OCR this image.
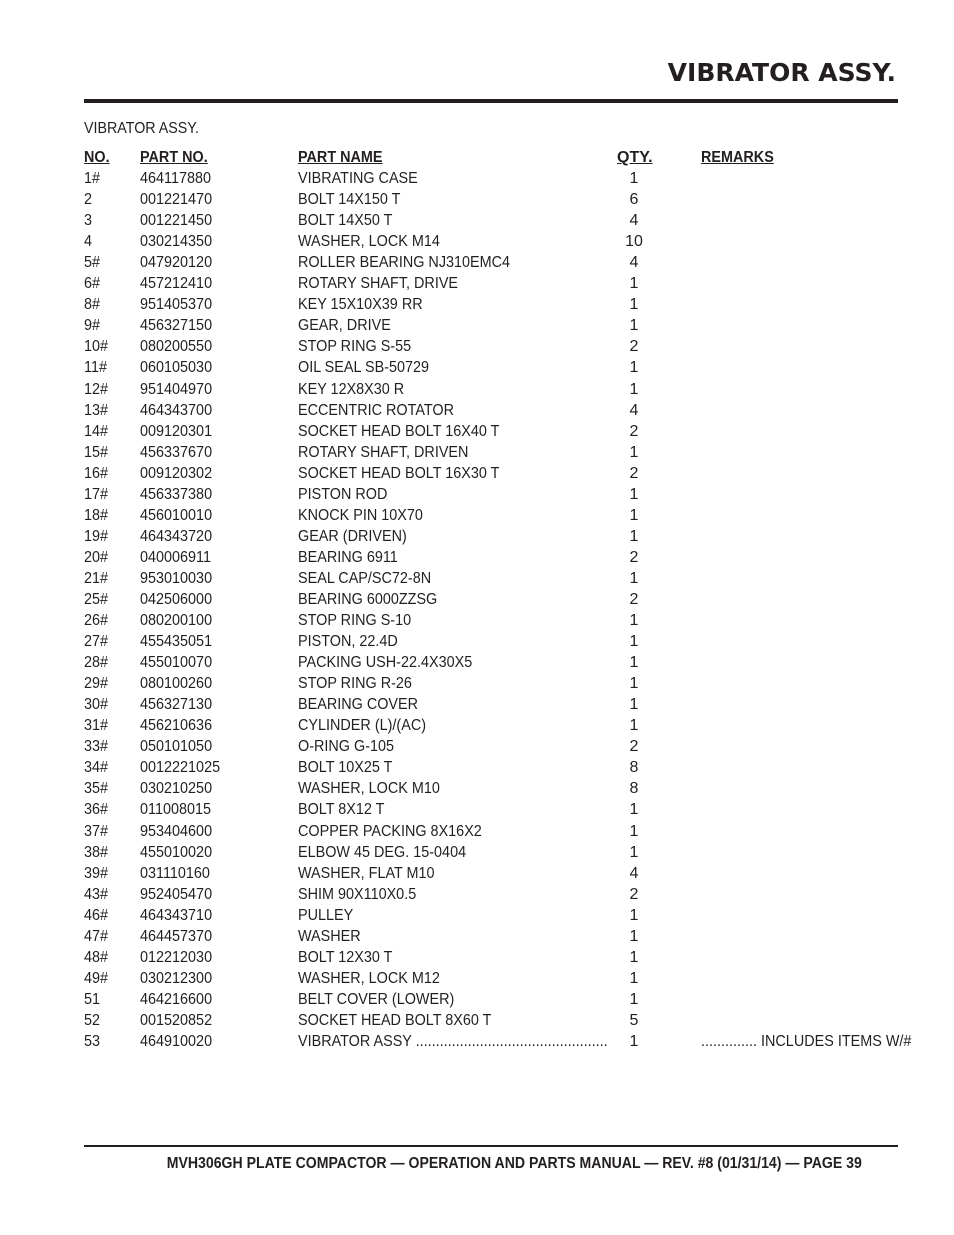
VIBRATOR ASSY.
VIBRATOR ASSY.
NO. PART NO.	PART NAME	QTY.	REMARKS
1# 464117880	VIBRATING CASE	1
2	001221470	BOLT 14X150 T	6
3	001221450	BOLT 14X50 T	4
4	030214350	WASHER, LOCK M14	10
5# 047920120	ROLLER BEARING NJ310EMC4	4
6# 457212410	ROTARY SHAFT, DRIVE	1
8# 951405370	KEY 15X10X39 RR	1
9# 456327150	GEAR, DRIVE	1
10# 080200550	STOP RING S-55	2
11# 060105030	OIL SEAL SB-50729	1
12# 951404970	KEY 12X8X30 R	1
13# 464343700	ECCENTRIC ROTATOR	4
14# 009120301	SOCKET HEAD BOLT 16X40 T	2
15# 456337670	ROTARY SHAFT, DRIVEN	1
16# 009120302	SOCKET HEAD BOLT 16X30 T	2
17# 456337380	PISTON ROD	1
18# 456010010	KNOCK PIN 10X70	1
19# 464343720	GEAR (DRIVEN)	1
20# 040006911	BEARING 6911	2
21# 953010030	SEAL CAP/SC72-8N	1
25# 042506000	BEARING 6000ZZSG	2
26# 080200100	STOP RING S-10	1
27# 455435051	PISTON, 22.4D	1
28# 455010070	PACKING USH-22.4X30X5	1
29# 080100260	STOP RING R-26	1
30# 456327130	BEARING COVER	1
31# 456210636	CYLINDER (L)/(AC)	1
33# 050101050	O-RING G-105	2
34# 0012221025	BOLT 10X25 T	8
35# 030210250	WASHER, LOCK M10	8
36# 011008015	BOLT 8X12 T	1
37# 953404600	COPPER PACKING 8X16X2	1
38# 455010020	ELBOW 45 DEG. 15-0404	1
39# 031110160	WASHER, FLAT M10	4
43# 952405470	SHIM 90X110X0.5	2
46# 464343710	PULLEY	1
47# 464457370	WASHER	1
48# 012212030	BOLT 12X30 T	1
49# 030212300	WASHER, LOCK M12	1
51 464216600	BELT COVER (LOWER)	1
52 001520852	SOCKET HEAD BOLT 8X60 T	5
53 464910020	VIBRATOR ASSY ................................................	1	.............. INCLUDES ITEMS W/#
MVH306GH PLATE COMPACTOR — OPERATION AND PARTS MANUAL — REV. #8 (01/31/14) — PAGE 39
